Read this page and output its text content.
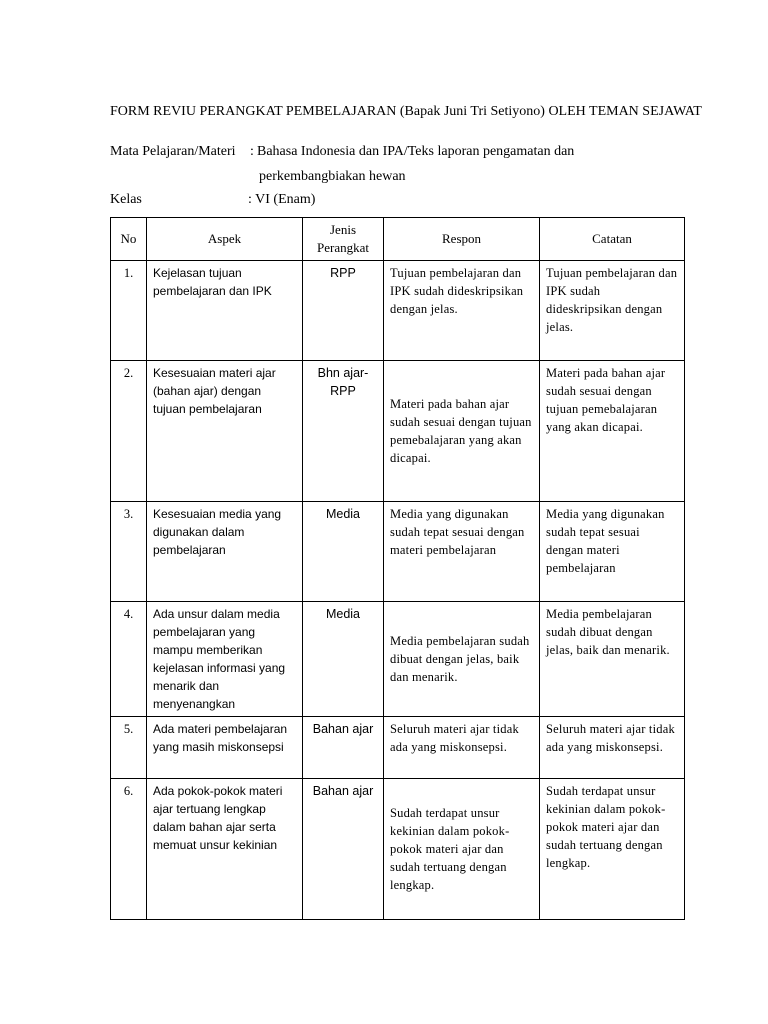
FORM REVIU PERANGKAT PEMBELAJARAN (Bapak Juni Tri Setiyono) OLEH TEMAN SEJAWAT
Mata Pelajaran/Materi : Bahasa Indonesia dan IPA/Teks laporan pengamatan dan
perkembangbiakan hewan
Kelas	: VI (Enam)
No	Aspek	Jenis Perangkat	Respon	Catatan
1.	Kejelasan tujuan pembelajaran dan IPK	RPP	Tujuan pembelajaran dan IPK sudah dideskripsikan dengan jelas.	Tujuan pembelajaran dan IPK sudah dideskripsikan dengan jelas.
2.	Kesesuaian materi ajar (bahan ajar) dengan tujuan pembelajaran	Bhn ajar-RPP	Materi pada bahan ajar sudah sesuai dengan tujuan pemebalajaran yang akan dicapai.	Materi pada bahan ajar sudah sesuai dengan tujuan pemebalajaran yang akan dicapai.
3.	Kesesuaian media yang digunakan dalam pembelajaran	Media	Media yang digunakan sudah tepat sesuai dengan materi pembelajaran	Media yang digunakan sudah tepat sesuai dengan materi pembelajaran
4.	Ada unsur dalam media pembelajaran yang mampu memberikan kejelasan informasi yang menarik dan menyenangkan	Media	Media pembelajaran sudah dibuat dengan jelas, baik dan menarik.	Media pembelajaran sudah dibuat dengan jelas, baik dan menarik.
5.	Ada materi pembelajaran yang masih miskonsepsi	Bahan ajar	Seluruh materi ajar tidak ada yang miskonsepsi.	Seluruh materi ajar tidak ada yang miskonsepsi.
6.	Ada pokok-pokok materi ajar tertuang lengkap dalam bahan ajar serta memuat unsur kekinian	Bahan ajar	Sudah terdapat unsur kekinian dalam pokok-pokok materi ajar dan sudah tertuang dengan lengkap.	Sudah terdapat unsur kekinian dalam pokok-pokok materi ajar dan sudah tertuang dengan lengkap.
